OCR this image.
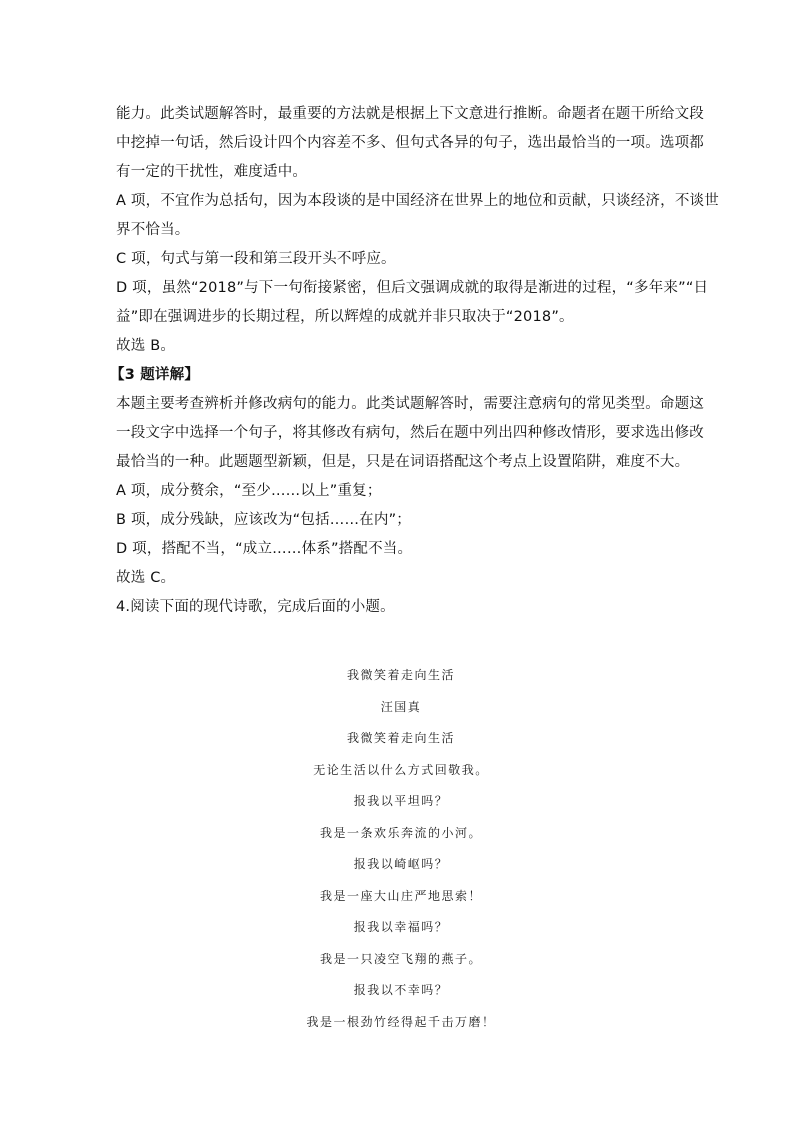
能力。此类试题解答时，最重要的方法就是根据上下文意进行推断。命题者在题干所给文段
中挖掉一句话，然后设计四个内容差不多、但句式各异的句子，选出最恰当的一项。选项都
有一定的干扰性，难度适中。
A 项，不宜作为总括句，因为本段谈的是中国经济在世界上的地位和贡献，只谈经济，不谈世
界不恰当。
C 项，句式与第一段和第三段开头不呼应。
D 项，虽然“2018”与下一句衔接紧密，但后文强调成就的取得是渐进的过程，“多年来”“日
益”即在强调进步的长期过程，所以辉煌的成就并非只取决于“2018”。
故选 B。
【3 题详解】
本题主要考查辨析并修改病句的能力。此类试题解答时，需要注意病句的常见类型。命题这
一段文字中选择一个句子，将其修改有病句，然后在题中列出四种修改情形，要求选出修改
最恰当的一种。此题题型新颖，但是，只是在词语搭配这个考点上设置陷阱，难度不大。
A 项，成分赘余，“至少……以上”重复；
B 项，成分残缺，应该改为“包括……在内”；
D 项，搭配不当，“成立……体系”搭配不当。
故选 C。
4.阅读下面的现代诗歌，完成后面的小题。
我微笑着走向生活
汪国真
我微笑着走向生活
无论生活以什么方式回敬我。
报我以平坦吗？
我是一条欢乐奔流的小河。
报我以崎岖吗？
我是一座大山庄严地思索！
报我以幸福吗？
我是一只凌空飞翔的燕子。
报我以不幸吗？
我是一根劲竹经得起千击万磨！
